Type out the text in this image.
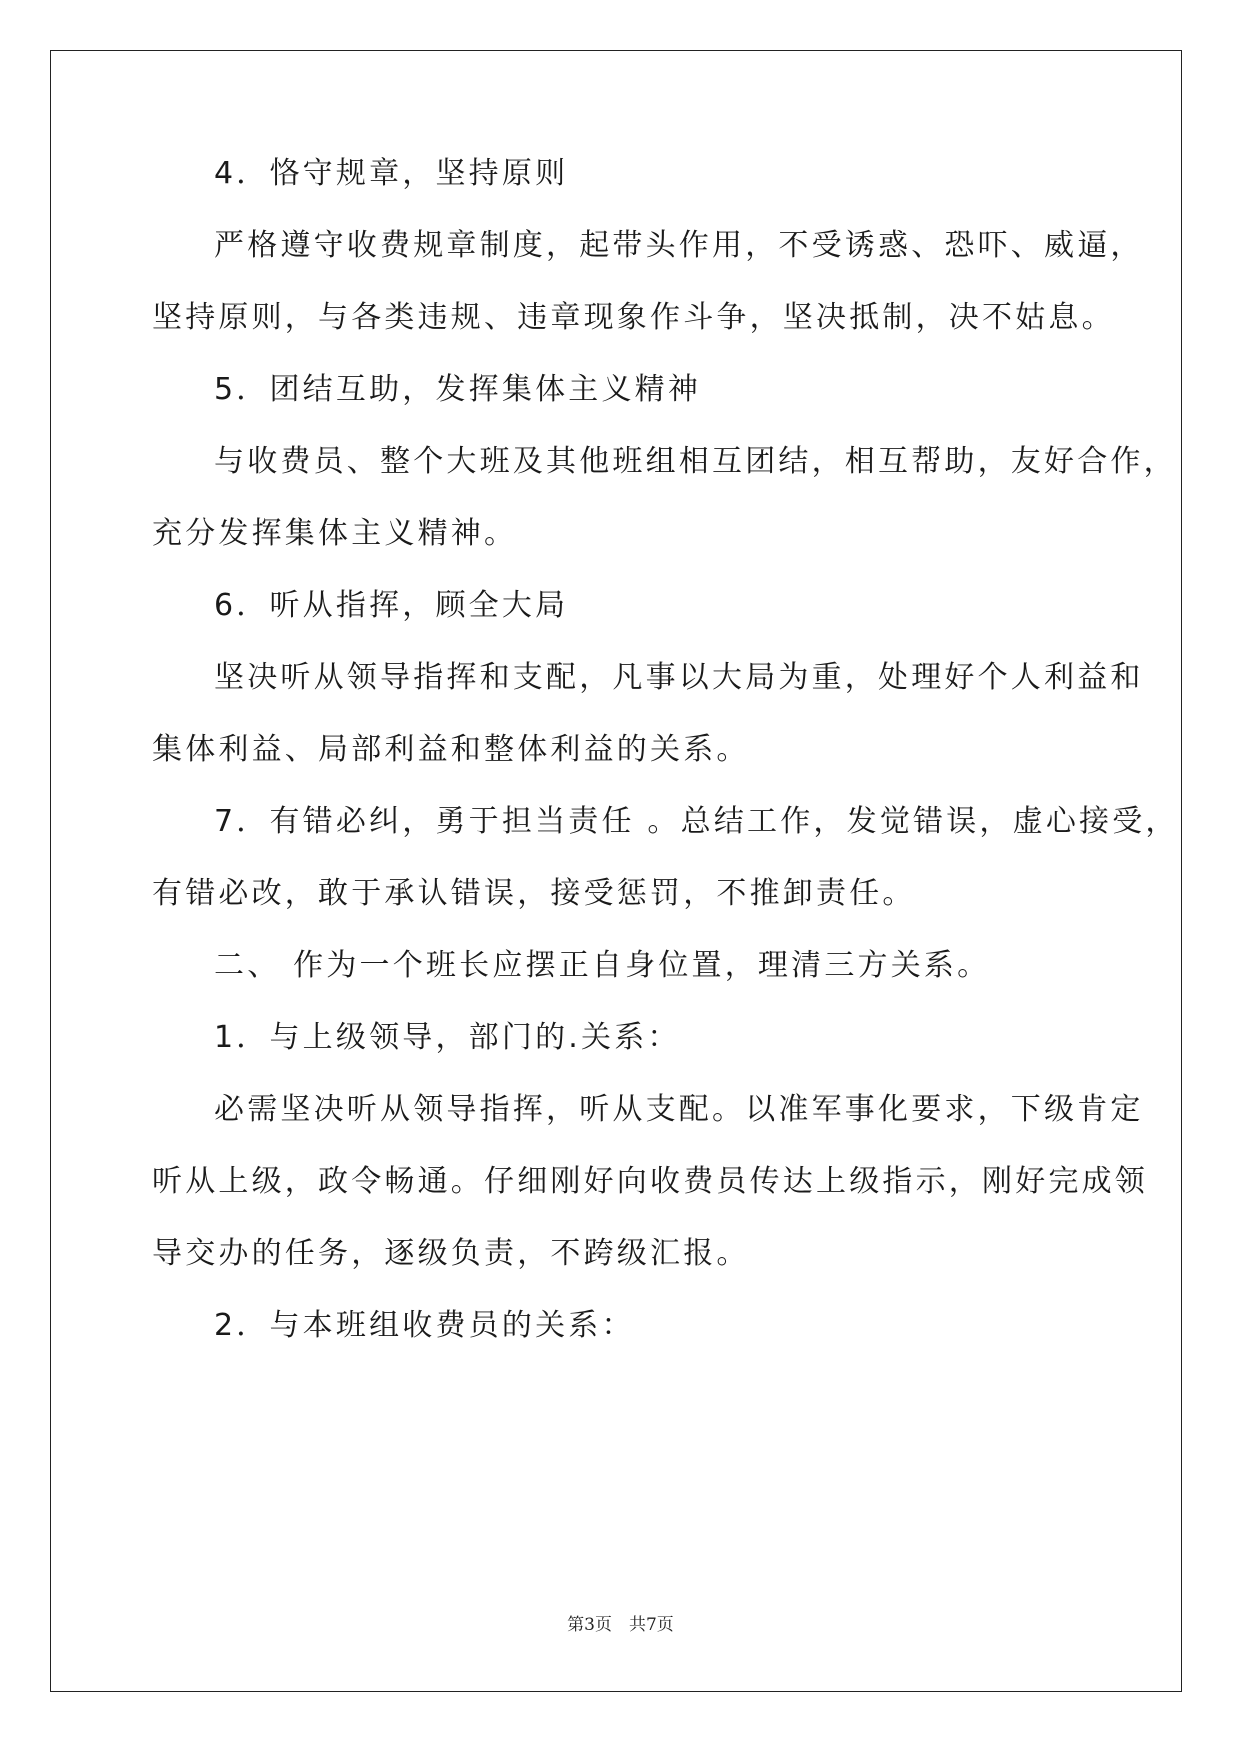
4．恪守规章，坚持原则
严格遵守收费规章制度，起带头作用，不受诱惑、恐吓、威逼，
坚持原则，与各类违规、违章现象作斗争，坚决抵制，决不姑息。
5．团结互助，发挥集体主义精神
与收费员、整个大班及其他班组相互团结，相互帮助，友好合作，
充分发挥集体主义精神。
6．听从指挥，顾全大局
坚决听从领导指挥和支配，凡事以大局为重，处理好个人利益和
集体利益、局部利益和整体利益的关系。
7．有错必纠，勇于担当责任 。总结工作，发觉错误，虚心接受，
有错必改，敢于承认错误，接受惩罚，不推卸责任。
二、 作为一个班长应摆正自身位置，理清三方关系。
1．与上级领导，部门的.关系：
必需坚决听从领导指挥，听从支配。以准军事化要求，下级肯定
听从上级，政令畅通。仔细刚好向收费员传达上级指示，刚好完成领
导交办的任务，逐级负责，不跨级汇报。
2．与本班组收费员的关系：
第3页　共7页
